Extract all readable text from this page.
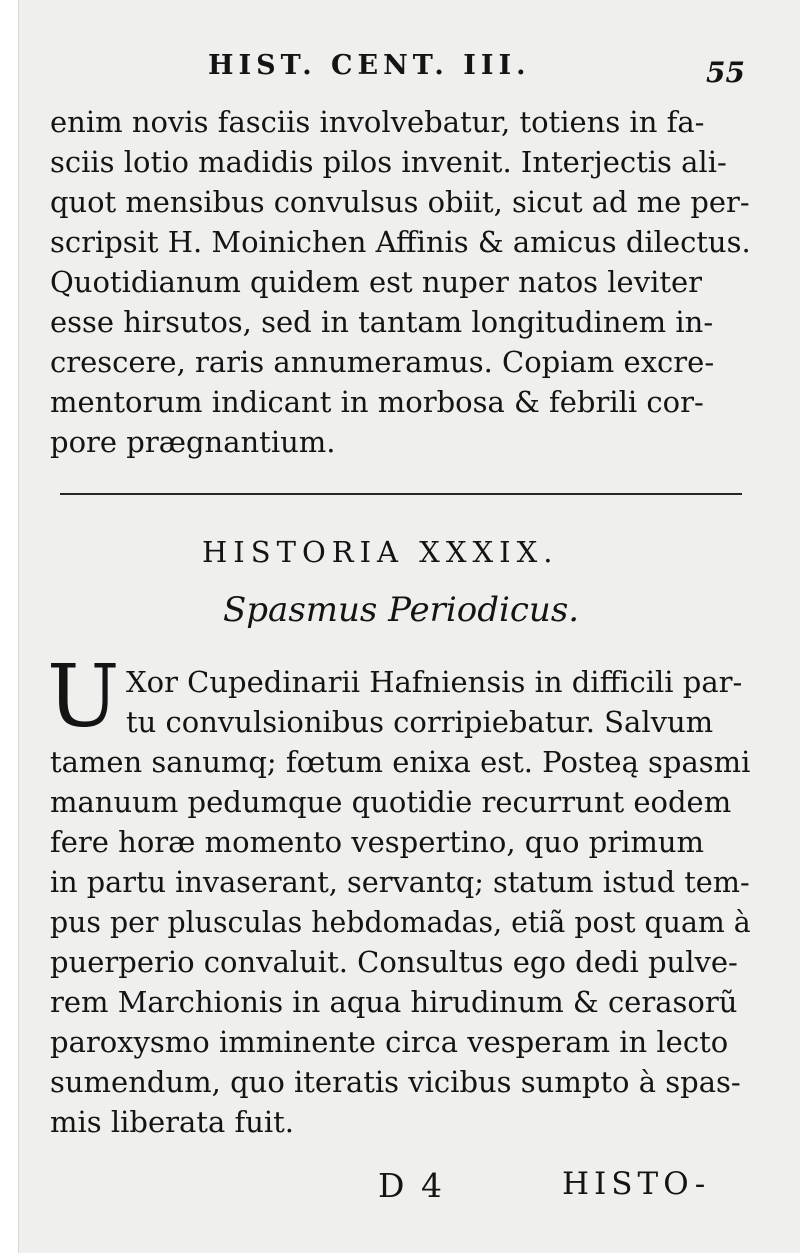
HIST. CENT. III.	55
enim novis fasciis involvebatur, totiens in fa-
sciis lotio madidis pilos invenit. Interjectis ali-
quot mensibus convulsus obiit, sicut ad me per-
scripsit H. Moinichen Affinis & amicus dilectus.
Quotidianum quidem est nuper natos leviter
esse hirsutos, sed in tantam longitudinem in-
crescere, raris annumeramus. Copiam excre-
mentorum indicant in morbosa & febrili cor-
pore prægnantium.
HISTORIA XXXIX.
Spasmus Periodicus.
U Xor Cupedinarii Hafniensis in difficili par-
tu convulsionibus corripiebatur. Salvum
tamen sanumq; fœtum enixa est. Posteą spasmi
manuum pedumque quotidie recurrunt eodem
fere horæ momento vespertino, quo primum
in partu invaserant, servantq; statum istud tem-
pus per plusculas hebdomadas, etiã post quam à
puerperio convaluit. Consultus ego dedi pulve-
rem Marchionis in aqua hirudinum & cerasorũ
paroxysmo imminente circa vesperam in lecto
sumendum, quo iteratis vicibus sumpto à spas-
mis liberata fuit.
D 4	HISTO-
